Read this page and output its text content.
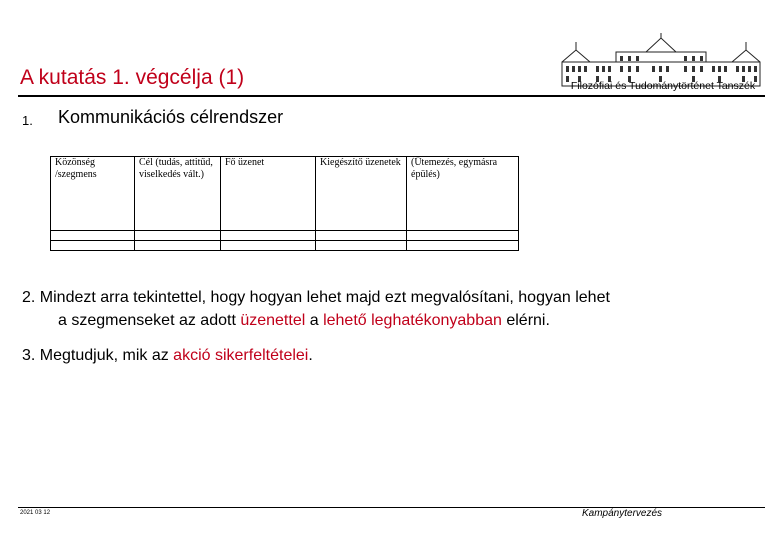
A kutatás 1. végcélja (1)	Filozófiai és Tudománytörténet Tanszék
1. Kommunikációs célrendszer
Közönség /szegmens	Cél (tudás, attitűd, viselkedés vált.)	Fő üzenet	Kiegészítő üzenetek	(Ütemezés, egymásra épülés)

2. Mindezt arra tekintettel, hogy hogyan lehet majd ezt megvalósítani, hogyan lehet
a szegmenseket az adott üzenettel a lehető leghatékonyabban elérni.
3. Megtudjuk, mik az akció sikerfeltételei.
2021 03 12	Kampánytervezés
